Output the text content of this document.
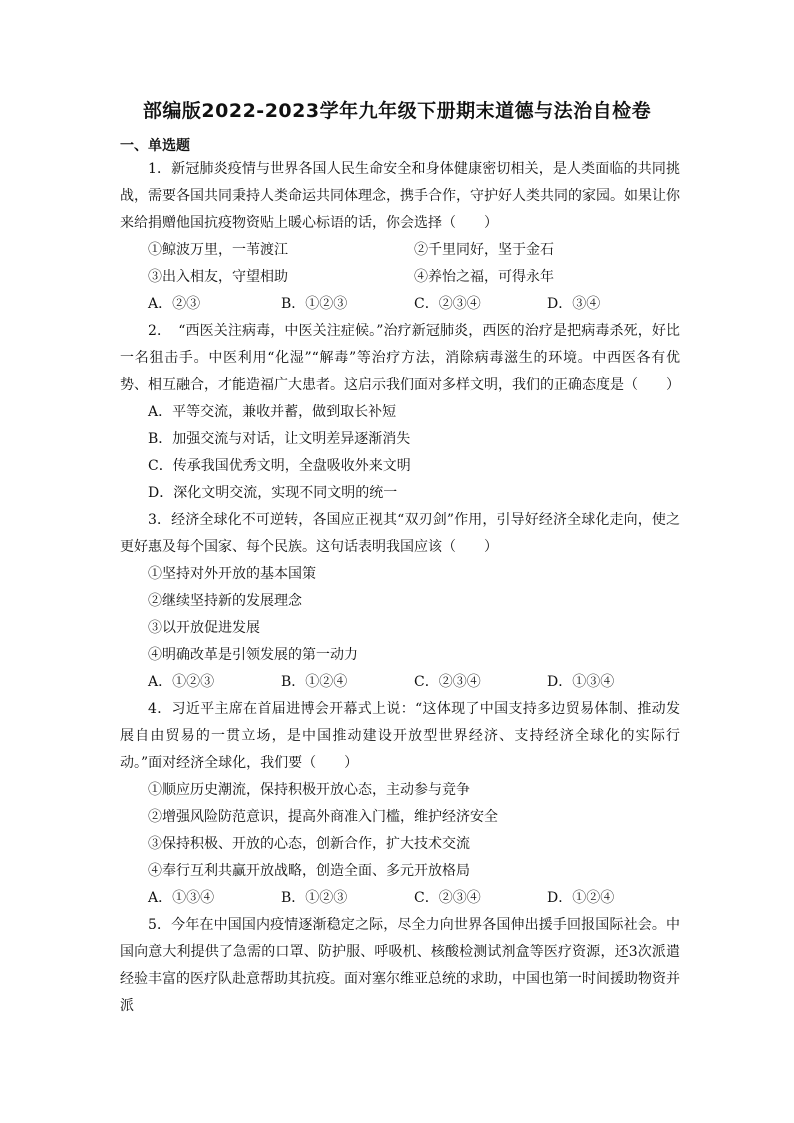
部编版2022-2023学年九年级下册期末道德与法治自检卷
一、单选题
1．新冠肺炎疫情与世界各国人民生命安全和身体健康密切相关，是人类面临的共同挑战，需要各国共同秉持人类命运共同体理念，携手合作，守护好人类共同的家园。如果让你来给捐赠他国抗疫物资贴上暖心标语的话，你会选择（　　）
①鲸波万里，一苇渡江	②千里同好，坚于金石
③出入相友，守望相助	④养怡之福，可得永年
A．②③	B．①②③	C．②③④	D．③④
2．　“西医关注病毒，中医关注症候。”治疗新冠肺炎，西医的治疗是把病毒杀死，好比一名狙击手。中医利用“化湿”“解毒”等治疗方法，消除病毒滋生的环境。中西医各有优势、相互融合，才能造福广大患者。这启示我们面对多样文明，我们的正确态度是（　　）
A．平等交流，兼收并蓄，做到取长补短
B．加强交流与对话，让文明差异逐渐消失
C．传承我国优秀文明，全盘吸收外来文明
D．深化文明交流，实现不同文明的统一
3．经济全球化不可逆转，各国应正视其“双刃剑”作用，引导好经济全球化走向，使之更好惠及每个国家、每个民族。这句话表明我国应该（　　）
①坚持对外开放的基本国策
②继续坚持新的发展理念
③以开放促进发展
④明确改革是引领发展的第一动力
A．①②③	B．①②④	C．②③④	D．①③④
4．习近平主席在首届进博会开幕式上说：“这体现了中国支持多边贸易体制、推动发展自由贸易的一贯立场，是中国推动建设开放型世界经济、支持经济全球化的实际行动。”面对经济全球化，我们要（　　）
①顺应历史潮流，保持积极开放心态，主动参与竞争
②增强风险防范意识，提高外商准入门槛，维护经济安全
③保持积极、开放的心态，创新合作，扩大技术交流
④奉行互利共赢开放战略，创造全面、多元开放格局
A．①③④	B．①②③	C．②③④	D．①②④
5．今年在中国国内疫情逐渐稳定之际，尽全力向世界各国伸出援手回报国际社会。中国向意大利提供了急需的口罩、防护服、呼吸机、核酸检测试剂盒等医疗资源，还3次派遣经验丰富的医疗队赴意帮助其抗疫。面对塞尔维亚总统的求助，中国也第一时间援助物资并派
